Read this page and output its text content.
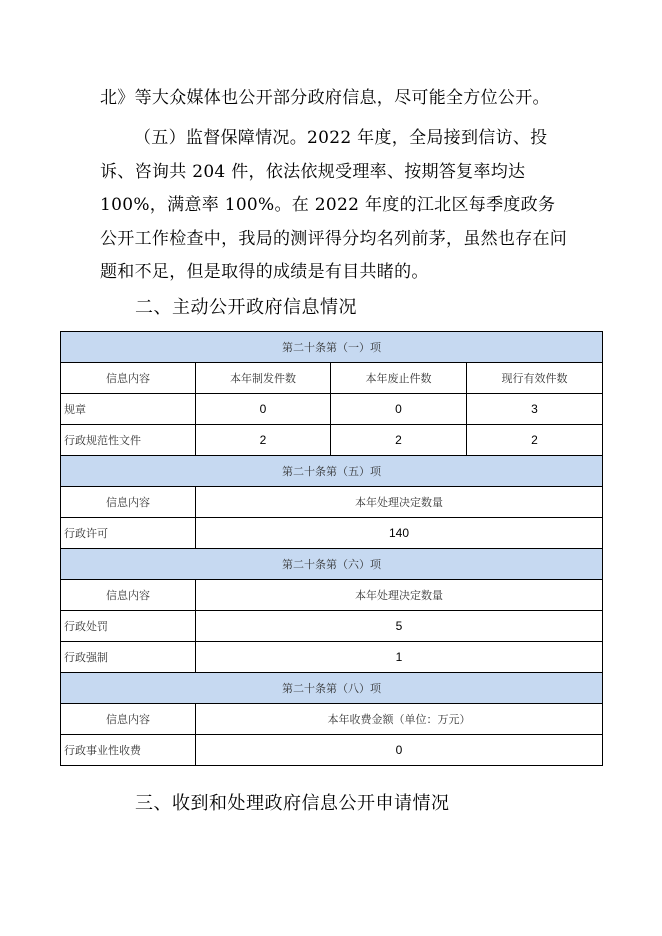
北》等大众媒体也公开部分政府信息，尽可能全方位公开。
（五）监督保障情况。2022 年度，全局接到信访、投诉、咨询共 204 件，依法依规受理率、按期答复率均达 100%，满意率 100%。在 2022 年度的江北区每季度政务公开工作检查中，我局的测评得分均名列前茅，虽然也存在问题和不足，但是取得的成绩是有目共睹的。
二、主动公开政府信息情况
第二十条第（一）项			
信息内容	本年制发件数	本年废止件数	现行有效件数
规章	0	0	3
行政规范性文件	2	2	2
第二十条第（五）项			
信息内容	本年处理决定数量		
行政许可	140		
第二十条第（六）项			
信息内容	本年处理决定数量		
行政处罚	5		
行政强制	1		
第二十条第（八）项			
信息内容	本年收费金额（单位：万元）		
行政事业性收费	0		
三、收到和处理政府信息公开申请情况
